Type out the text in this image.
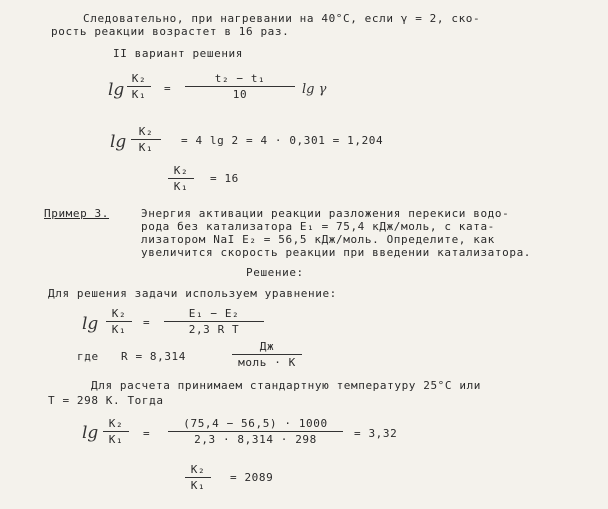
Следовательно, при нагревании на 40°C, если γ = 2, ско-
рость реакции возрастет в 16 раз.
II вариант решения
lg
K₂
K₁	=
t₂ − t₁
10	lg γ
lg
K₂
K₁
= 4 lg 2 = 4 · 0,301 = 1,204
K₂
K₁
= 16
Пример 3.	Энергия активации реакции разложения перекиси водо-
рода без катализатора E₁ = 75,4 кДж/моль, с ката-
лизатором NaI E₂ = 56,5 кДж/моль. Определите, как
увеличится скорость реакции при введении катализатора.
Решение:
Для решения задачи используем уравнение:
lg
K₂
K₁
=
E₁ − E₂
2,3 R T
где R = 8,314
Дж
моль · K
Для расчета принимаем стандартную температуру 25°C или
T = 298 K. Тогда
lg K₂
K₁	=
(75,4 − 56,5) · 1000
2,3 · 8,314 · 298	= 3,32
K₂
K₁
= 2089
